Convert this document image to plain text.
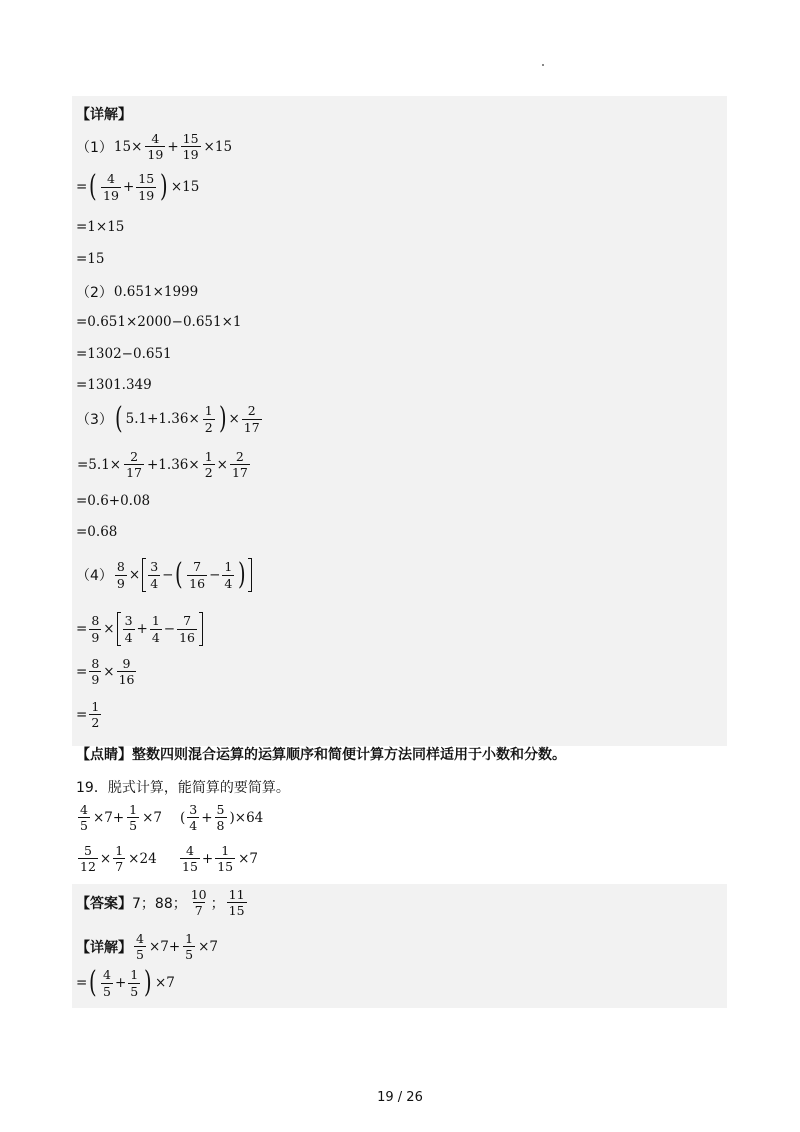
【详解】
（1） $15\times \frac{4}{19} + \frac{15}{19} \times 15$
= ( $\frac{4}{19} + \frac{15}{19}$ ) ×15
=1×15
=15
（2） 0.651×1999
=0.651×2000−0.651×1
=1302−0.651
=1301.349
（3） ( $5.1+1.36\times \frac{1}{2}$ ) × $\frac{2}{17}$
$=5.1\times \frac{2}{17} +1.36\times \frac{1}{2} \times \frac{2}{17}$
=0.6+0.08
=0.68
$(4) \frac{8}{9} \times \frac{3}{4}$ − ( $\frac{7}{16} - \frac{1}{4}$ )
= $\frac{8}{9} \times \frac{3}{4} + \frac{1}{4} - \frac{7}{16}$
= $\frac{8}{9} \times \frac{9}{16}$
= $\frac{1}{2}$
【点睛】 整数四则混合运算的运算顺序和简便计算方法同样适用于小数和分数。
19．脱式计算，能简算的要简算。
$\frac{4}{5} \times 7+ \frac{1}{5} \times 7$ ( $\frac{3}{4} + \frac{5}{8} )\times 64$
$\frac{5}{12} \times \frac{1}{7} \times 24 \frac{4}{15} + \frac{1}{15} \times 7$
【答案】 7；88； $\frac{10}{7}$ ； $\frac{11}{15}$
【详解】 $\frac{4}{5} \times 7+ \frac{1}{5} \times 7$
= ( $\frac{4}{5} + \frac{1}{5}$ ) ×7
19 / 26
